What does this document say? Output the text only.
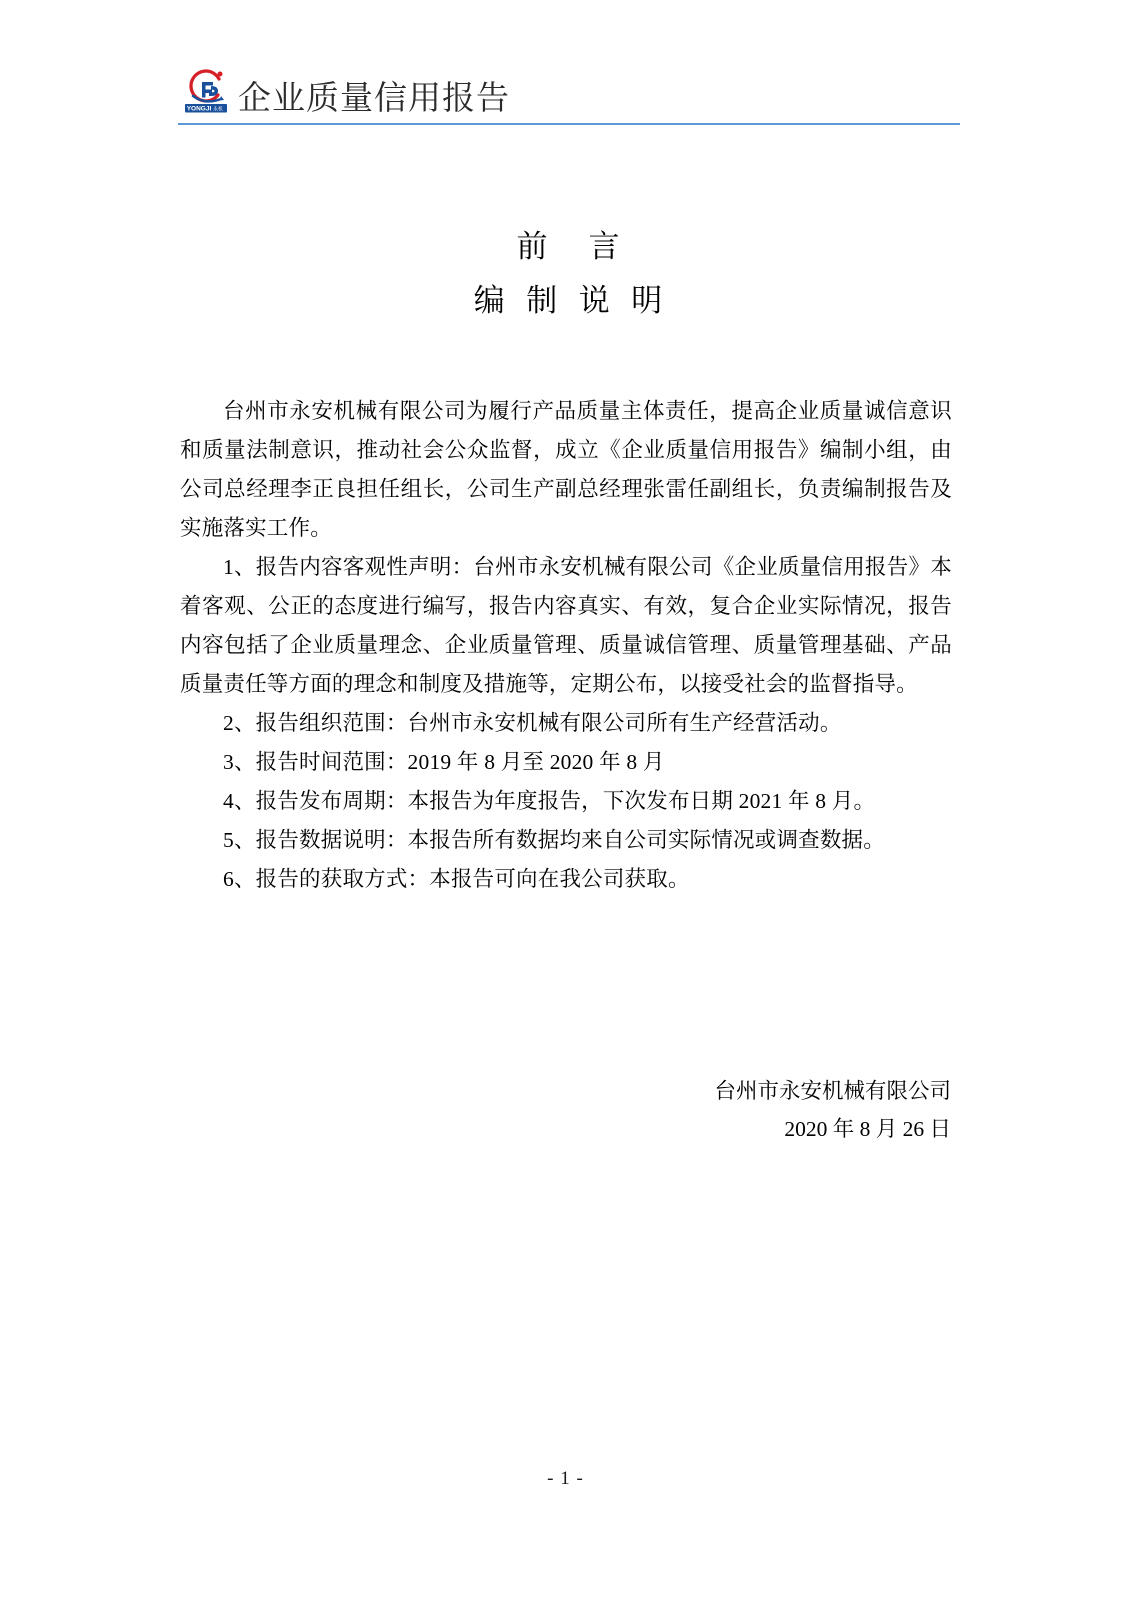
YONGJI 永机 企业质量信用报告
前    言
编  制  说  明

台州市永安机械有限公司为履行产品质量主体责任，提高企业质量诚信意识和质量法制意识，推动社会公众监督，成立《企业质量信用报告》编制小组，由公司总经理李正良担任组长，公司生产副总经理张雷任副组长，负责编制报告及实施落实工作。

1、报告内容客观性声明：台州市永安机械有限公司《企业质量信用报告》本着客观、公正的态度进行编写，报告内容真实、有效，复合企业实际情况，报告内容包括了企业质量理念、企业质量管理、质量诚信管理、质量管理基础、产品质量责任等方面的理念和制度及措施等，定期公布，以接受社会的监督指导。

2、报告组织范围：台州市永安机械有限公司所有生产经营活动。

3、报告时间范围：2019 年 8 月至 2020 年 8 月

4、报告发布周期：本报告为年度报告，下次发布日期 2021 年 8 月。

5、报告数据说明：本报告所有数据均来自公司实际情况或调查数据。

6、报告的获取方式：本报告可向在我公司获取。

台州市永安机械有限公司
2020 年 8 月 26 日
- 1 -
